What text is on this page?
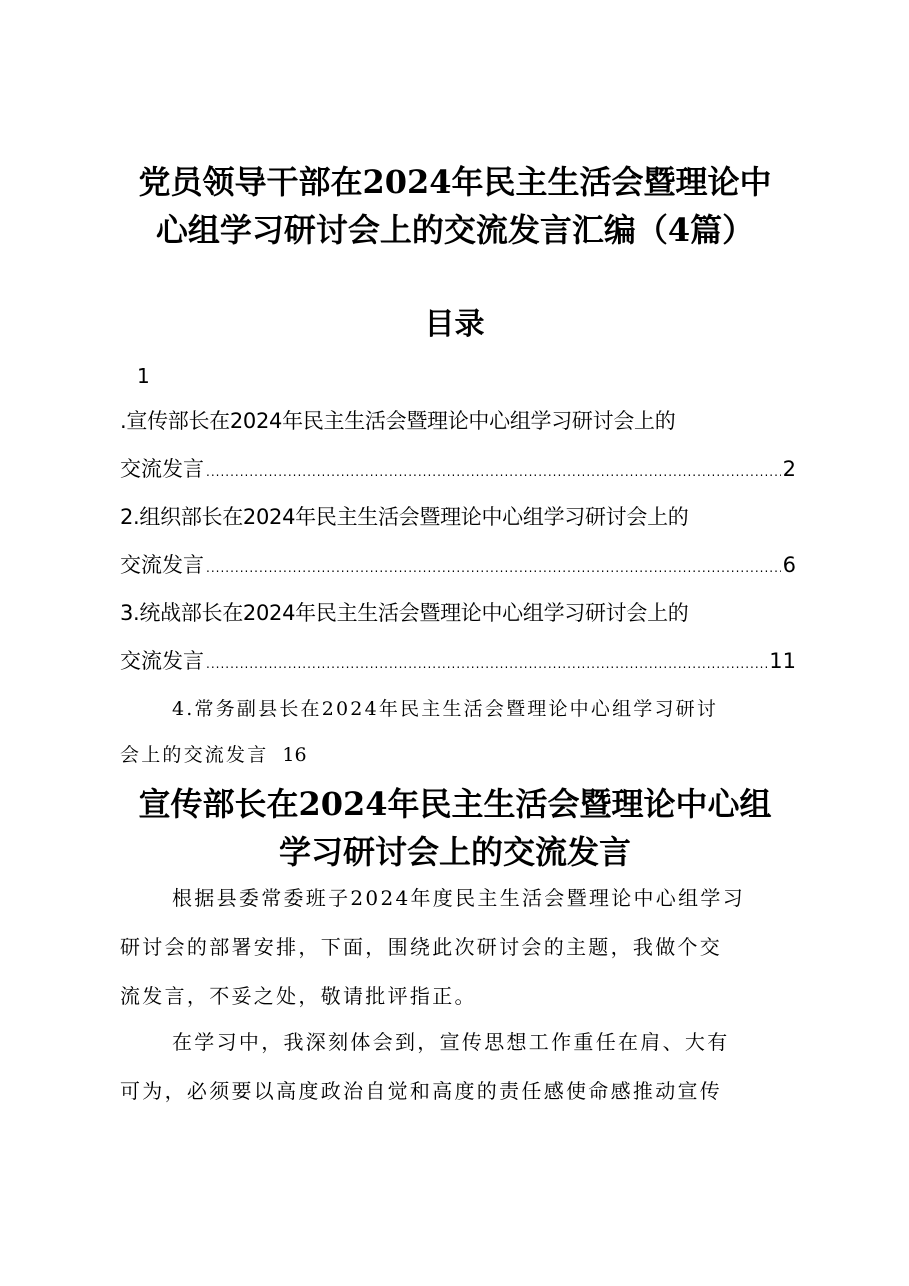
党员领导干部在2024年民主生活会暨理论中
心组学习研讨会上的交流发言汇编（4篇）
目录
1
.宣传部长在2024年民主生活会暨理论中心组学习研讨会上的
交流发言 .....	2
2.组织部长在2024年民主生活会暨理论中心组学习研讨会上的
交流发言 .....	6
3.统战部长在2024年民主生活会暨理论中心组学习研讨会上的
交流发言 .....	11
4.常务副县长在2024年民主生活会暨理论中心组学习研讨
会上的交流发言 16
宣传部长在2024年民主生活会暨理论中心组
学习研讨会上的交流发言
根据县委常委班子2024年度民主生活会暨理论中心组学习
研讨会的部署安排，下面，围绕此次研讨会的主题，我做个交
流发言，不妥之处，敬请批评指正。
在学习中，我深刻体会到，宣传思想工作重任在肩、大有
可为，必须要以高度政治自觉和高度的责任感使命感推动宣传
